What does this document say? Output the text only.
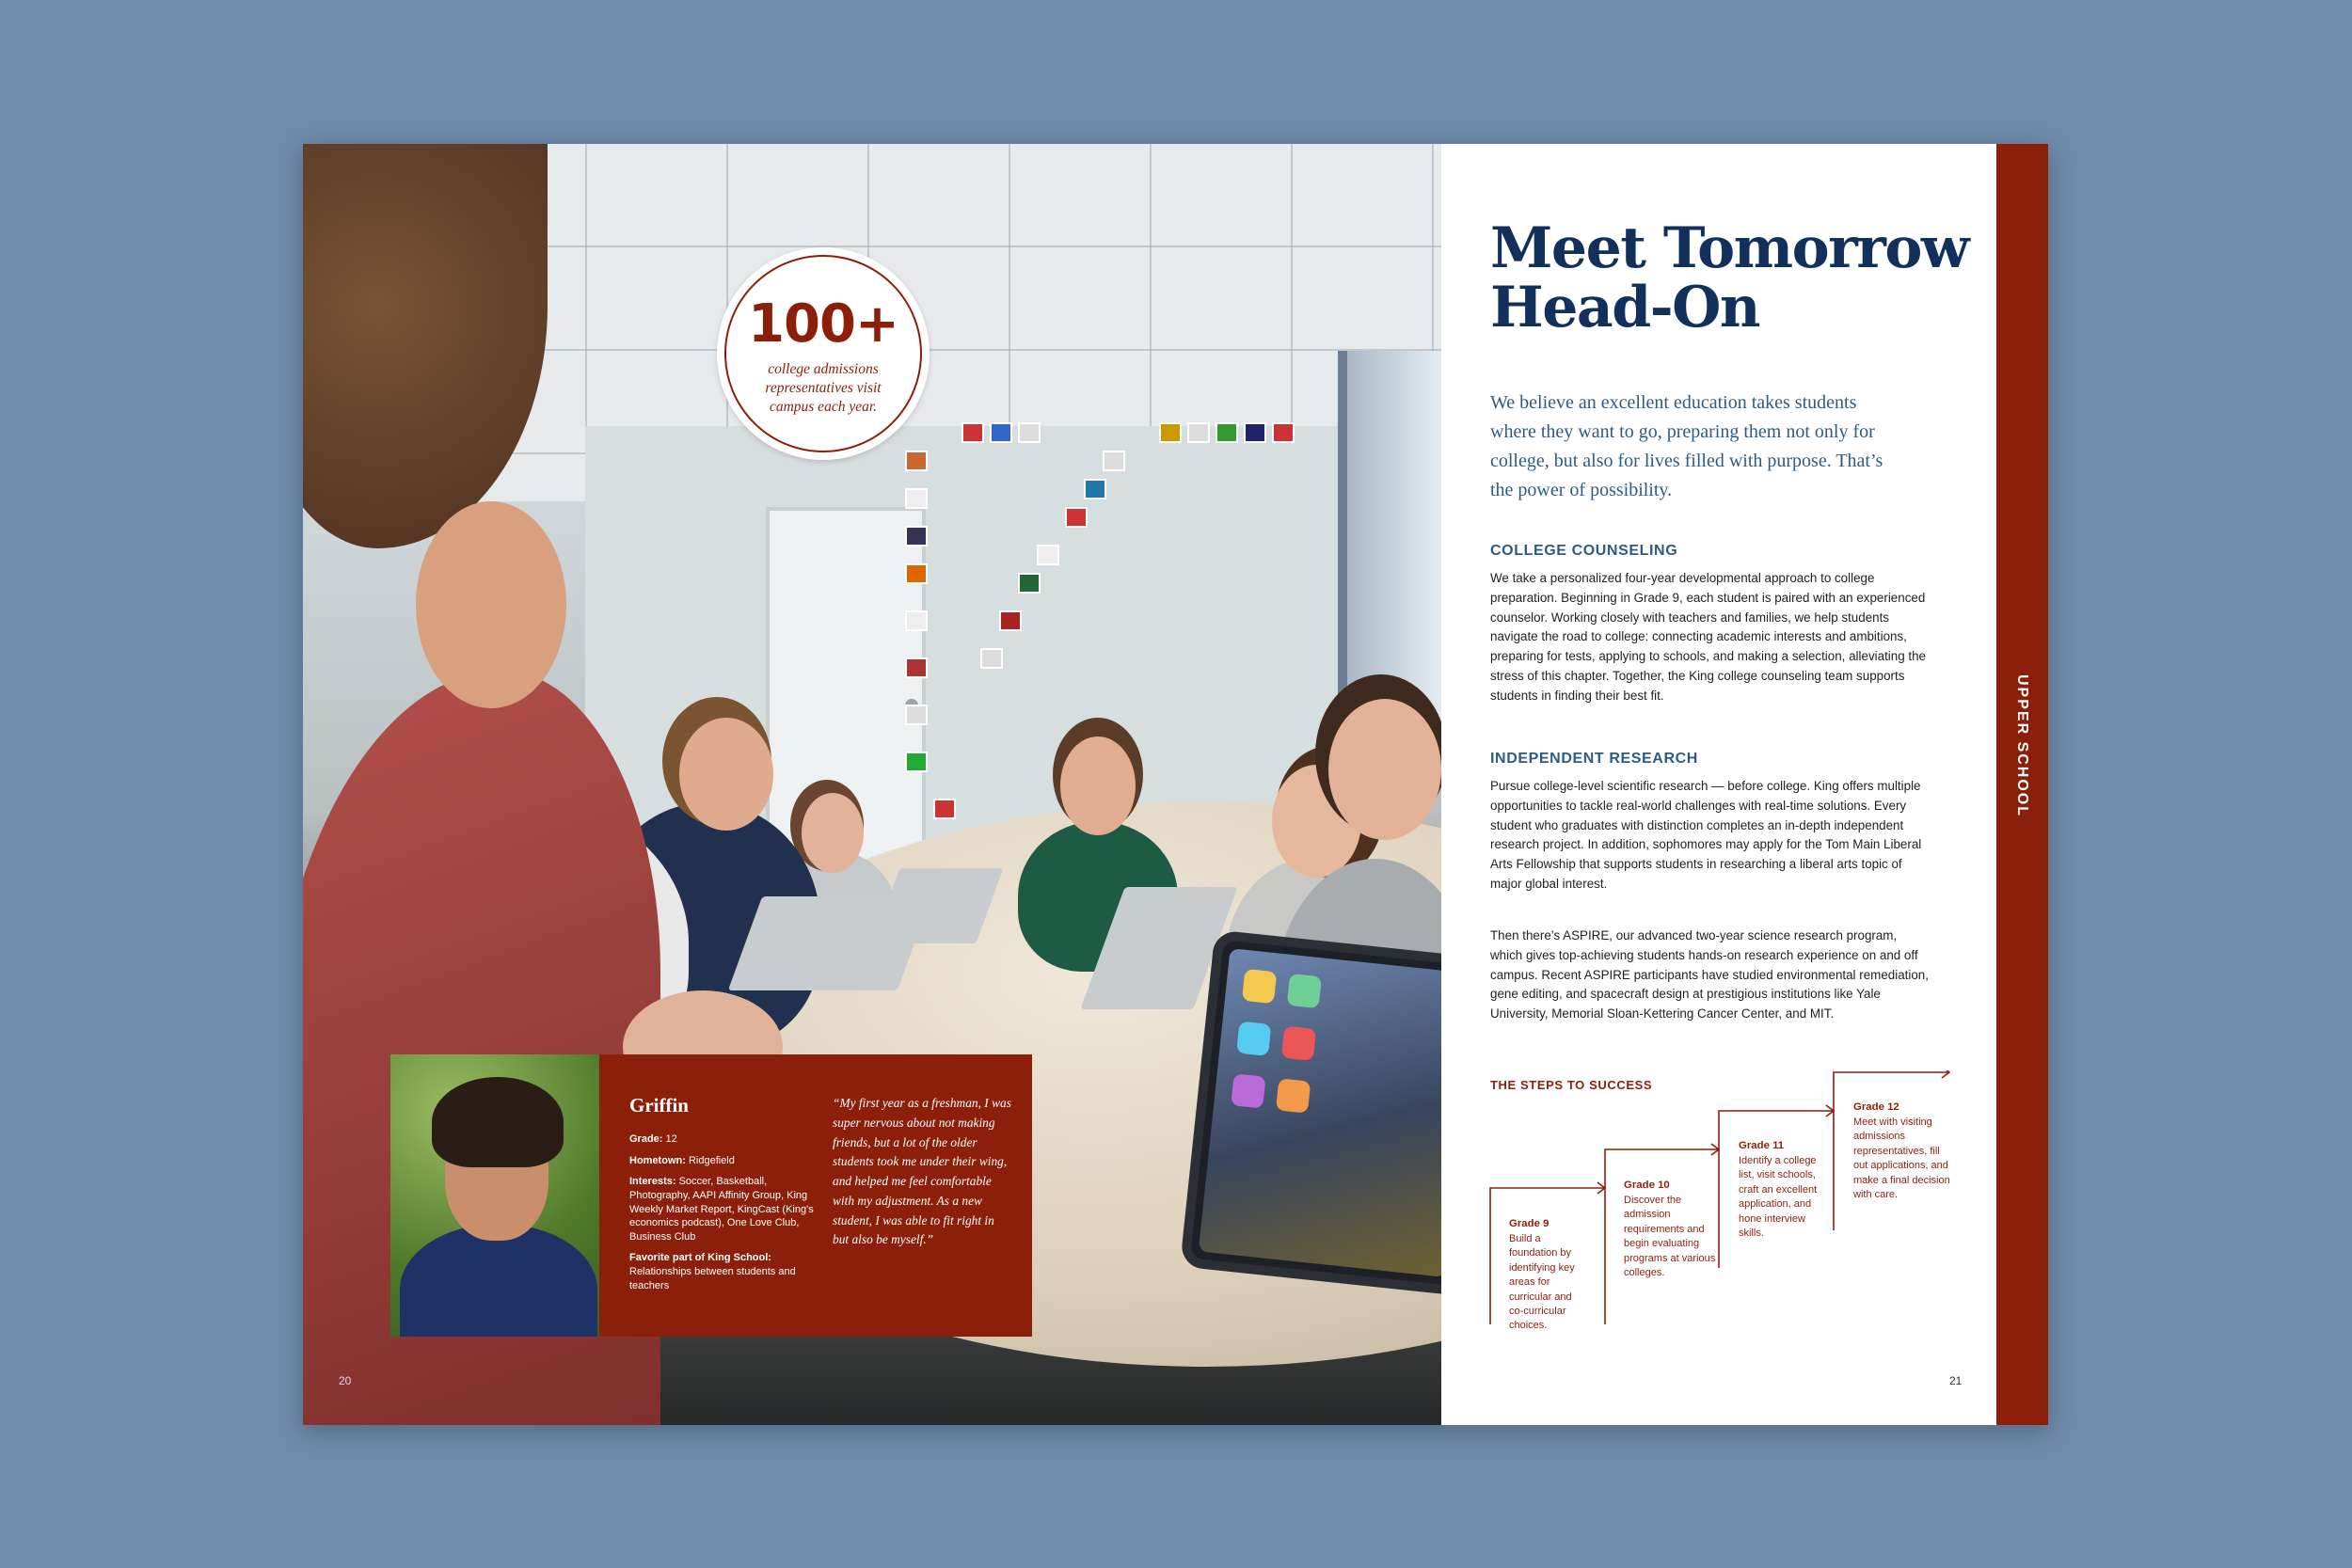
100+
college admissions representatives visit campus each year.
Griffin
Grade: 12
Hometown: Ridgefield
Interests: Soccer, Basketball, Photography, AAPI Affinity Group, King Weekly Market Report, KingCast (King's economics podcast), One Love Club, Business Club
Favorite part of King School:
Relationships between students and teachers
“My first year as a freshman, I was super nervous about not making friends, but a lot of the older students took me under their wing, and helped me feel comfortable with my adjustment. As a new student, I was able to fit right in but also be myself.”
20
Meet Tomorrow
Head-On
We believe an excellent education takes students where they want to go, preparing them not only for college, but also for lives filled with purpose. That’s the power of possibility.
COLLEGE COUNSELING
We take a personalized four-year developmental approach to college preparation. Beginning in Grade 9, each student is paired with an experienced counselor. Working closely with teachers and families, we help students navigate the road to college: connecting academic interests and ambitions, preparing for tests, applying to schools, and making a selection, alleviating the stress of this chapter. Together, the King college counseling team supports students in finding their best fit.
INDEPENDENT RESEARCH
Pursue college-level scientific research — before college. King offers multiple opportunities to tackle real-world challenges with real-time solutions. Every student who graduates with distinction completes an in-depth independent research project. In addition, sophomores may apply for the Tom Main Liberal Arts Fellowship that supports students in researching a liberal arts topic of major global interest.
Then there’s ASPIRE, our advanced two-year science research program, which gives top-achieving students hands-on research experience on and off campus. Recent ASPIRE participants have studied environmental remediation, gene editing, and spacecraft design at prestigious institutions like Yale University, Memorial Sloan-Kettering Cancer Center, and MIT.
THE STEPS TO SUCCESS
Grade 9
Build a foundation by identifying key areas for curricular and co-curricular choices.
Grade 10
Discover the admission requirements and begin evaluating programs at various colleges.
Grade 11
Identify a college list, visit schools, craft an excellent application, and hone interview skills.
Grade 12
Meet with visiting admissions representatives, fill out applications, and make a final decision with care.
21
UPPER SCHOOL
